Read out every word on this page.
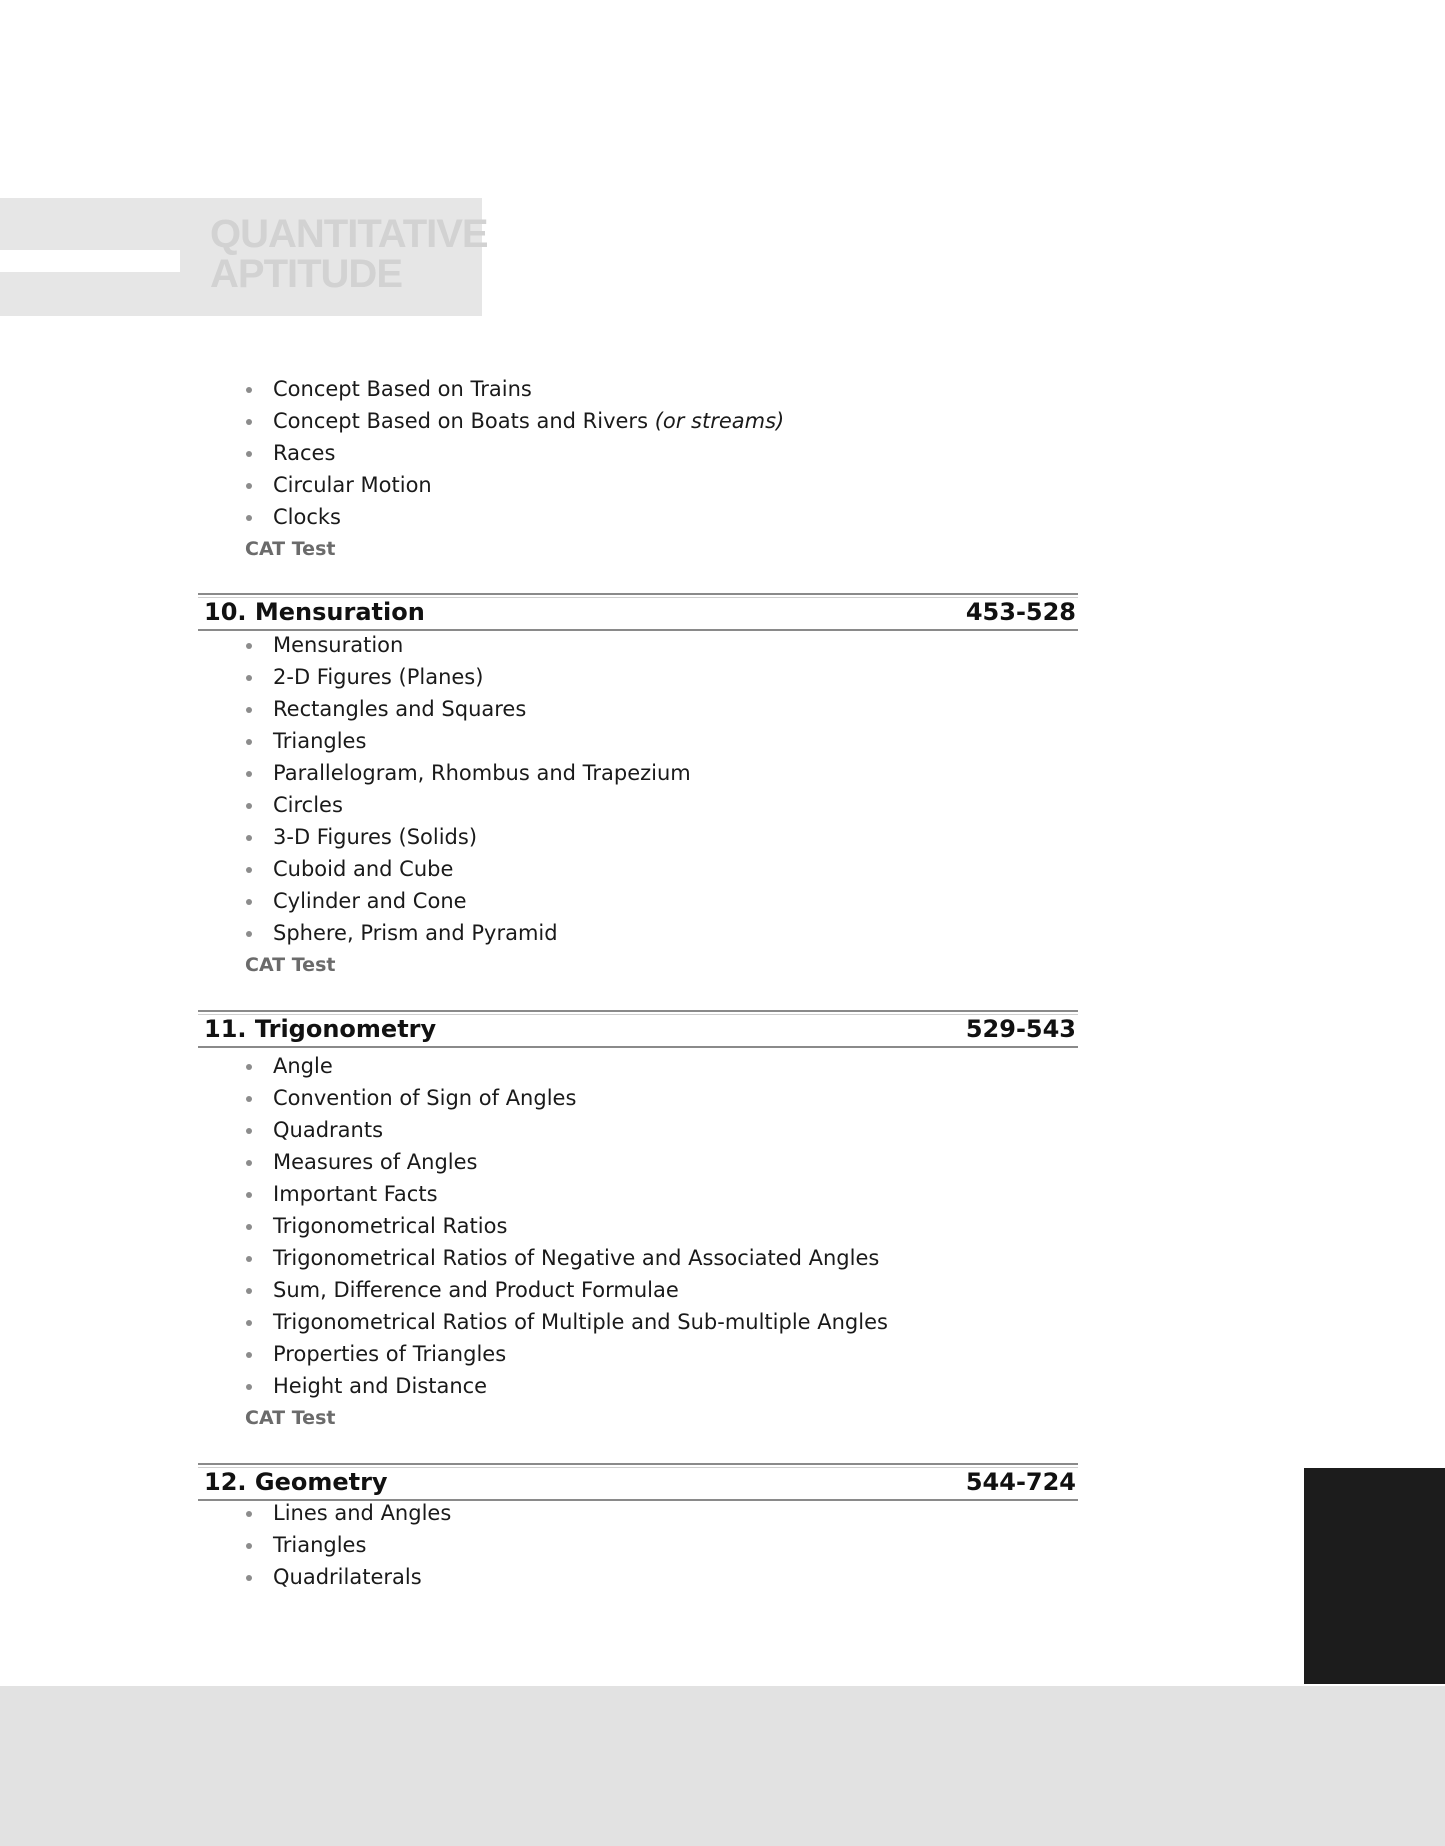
QUANTITATIVE
APTITUDE
Concept Based on Trains
Concept Based on Boats and Rivers (or streams)
Races
Circular Motion
Clocks
CAT Test
10. Mensuration	453-528
Mensuration
2-D Figures (Planes)
Rectangles and Squares
Triangles
Parallelogram, Rhombus and Trapezium
Circles
3-D Figures (Solids)
Cuboid and Cube
Cylinder and Cone
Sphere, Prism and Pyramid
CAT Test
11. Trigonometry	529-543
Angle
Convention of Sign of Angles
Quadrants
Measures of Angles
Important Facts
Trigonometrical Ratios
Trigonometrical Ratios of Negative and Associated Angles
Sum, Difference and Product Formulae
Trigonometrical Ratios of Multiple and Sub-multiple Angles
Properties of Triangles
Height and Distance
CAT Test
12. Geometry	544-724
Lines and Angles
Triangles
Quadrilaterals
